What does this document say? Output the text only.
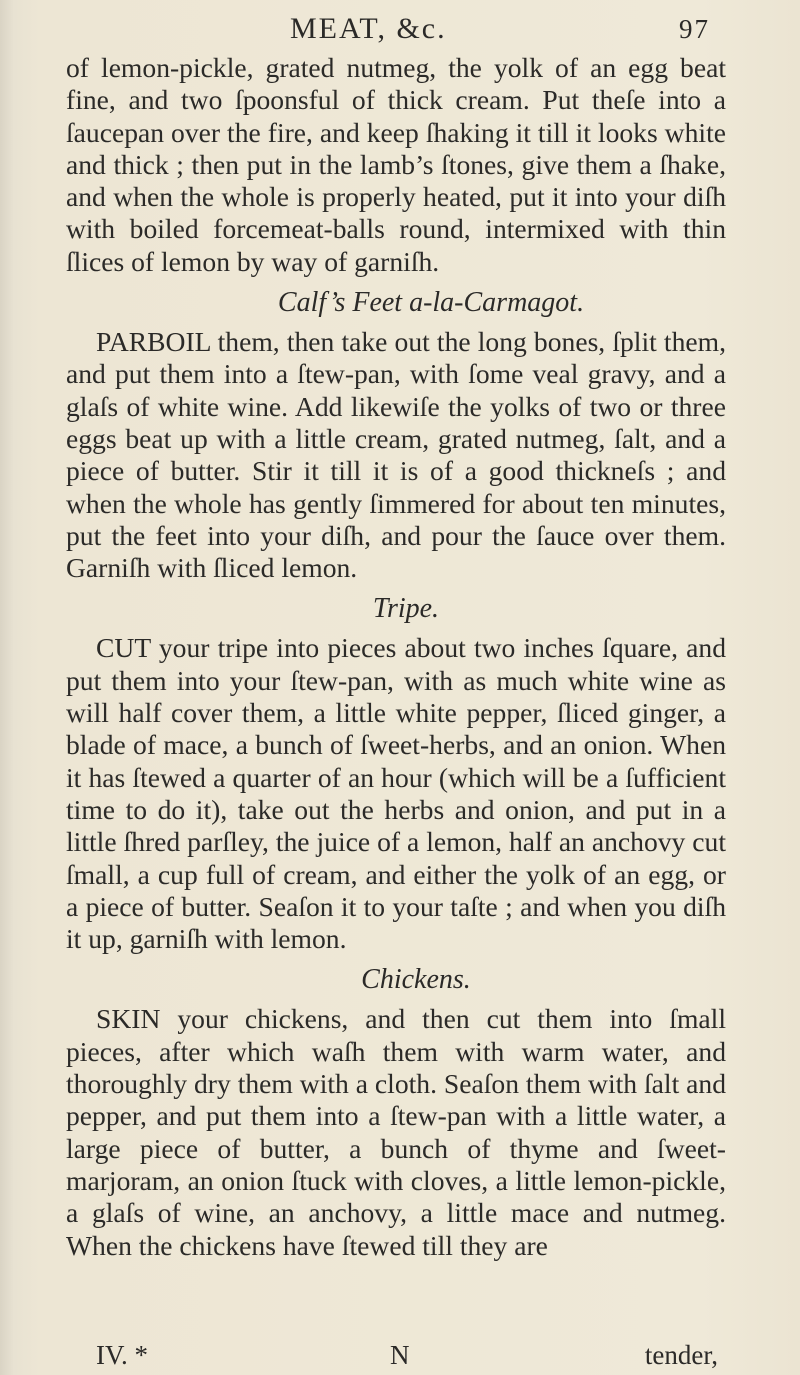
MEAT, &c.	97

of lemon-pickle, grated nutmeg, the yolk of an egg beat fine, and two ſpoonsful of thick cream. Put theſe into a ſaucepan over the fire, and keep ſhaking it till it looks white and thick ; then put in the lamb’s ſtones, give them a ſhake, and when the whole is properly heated, put it into your diſh with boiled forcemeat-balls round, intermixed with thin ſlices of lemon by way of garniſh.

Calf’s Feet a-la-Carmagot.

PARBOIL them, then take out the long bones, ſplit them, and put them into a ſtew-pan, with ſome veal gravy, and a glaſs of white wine. Add likewiſe the yolks of two or three eggs beat up with a little cream, grated nutmeg, ſalt, and a piece of butter. Stir it till it is of a good thickneſs ; and when the whole has gently ſimmered for about ten minutes, put the feet into your diſh, and pour the ſauce over them. Garniſh with ſliced lemon.

Tripe.

CUT your tripe into pieces about two inches ſquare, and put them into your ſtew-pan, with as much white wine as will half cover them, a little white pepper, ſliced ginger, a blade of mace, a bunch of ſweet-herbs, and an onion. When it has ſtewed a quarter of an hour (which will be a ſufficient time to do it), take out the herbs and onion, and put in a little ſhred parſley, the juice of a lemon, half an anchovy cut ſmall, a cup full of cream, and either the yolk of an egg, or a piece of butter. Seaſon it to your taſte ; and when you diſh it up, garniſh with lemon.

Chickens.

SKIN your chickens, and then cut them into ſmall pieces, after which waſh them with warm water, and thoroughly dry them with a cloth. Seaſon them with ſalt and pepper, and put them into a ſtew-pan with a little water, a large piece of butter, a bunch of thyme and ſweet-marjoram, an onion ſtuck with cloves, a little lemon-pickle, a glaſs of wine, an anchovy, a little mace and nutmeg. When the chickens have ſtewed till they are

IV. *	N	tender,
